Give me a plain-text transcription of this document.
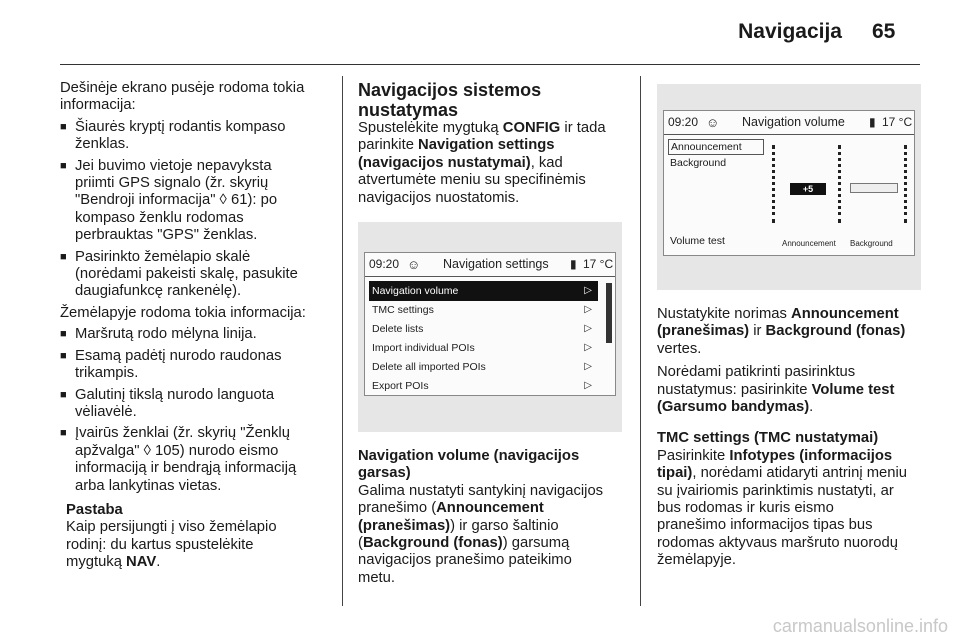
Navigacija 65

Dešinėje ekrano pusėje rodoma tokia informacija:

■ Šiaurės kryptį rodantis kompaso

ženklas.

■ Jei buvimo vietoje nepavyksta

priimti GPS signalo (žr. skyrių

"Bendroji informacija" ◊ 61): po

kompaso ženklu rodomas

perbrauktas "GPS" ženklas.

■ Pasirinkto žemėlapio skalė

(norėdami pakeisti skalę, pasukite

daugiafunkcę rankenėlę).

Žemėlapyje rodoma tokia informacija:

■ Maršrutą rodo mėlyna linija.

■ Esamą padėtį nurodo raudonas

trikampis.

■ Galutinį tikslą nurodo languota

vėliavėlė.

■ Įvairūs ženklai (žr. skyrių "Ženklų

apžvalga" ◊ 105) nurodo eismo

informaciją ir bendrąją informaciją

arba lankytinas vietas.

Pastaba

Kaip persijungti į viso žemėlapio

rodinį: du kartus spustelėkite

mygtuką NAV.

Navigacijos sistemos

nustatymas

Spustelėkite mygtuką CONFIG ir tada

parinkite Navigation settings

(navigacijos nustatymai), kad

atvertumėte meniu su specifinėmis

navigacijos nuostatomis.

09:20 ☺ Navigation settings ▮ 17 °C
Navigation volume	▷
TMC settings	▷
Delete lists	▷
Import individual POIs	▷
Delete all imported POIs	▷
Export POIs	▷

Navigation volume (navigacijos

garsas)

Galima nustatyti santykinį navigacijos

pranešimo (Announcement

(pranešimas)) ir garso šaltinio

(Background (fonas)) garsumą

navigacijos pranešimo pateikimo

metu.

09:20 ☺ Navigation volume ▮ 17 °C
Announcement
Background
Volume test
+5
Announcement Background

Nustatykite norimas Announcement

(pranešimas) ir Background (fonas)

vertes.

Norėdami patikrinti pasirinktus

nustatymus: pasirinkite Volume test

(Garsumo bandymas).

TMC settings (TMC nustatymai)

Pasirinkite Infotypes (informacijos

tipai), norėdami atidaryti antrinį meniu

su įvairiomis parinktimis nustatyti, ar

bus rodomas ir kuris eismo

pranešimo informacijos tipas bus

rodomas aktyvaus maršruto nuorodų

žemėlapyje.

carmanualsonline.info
